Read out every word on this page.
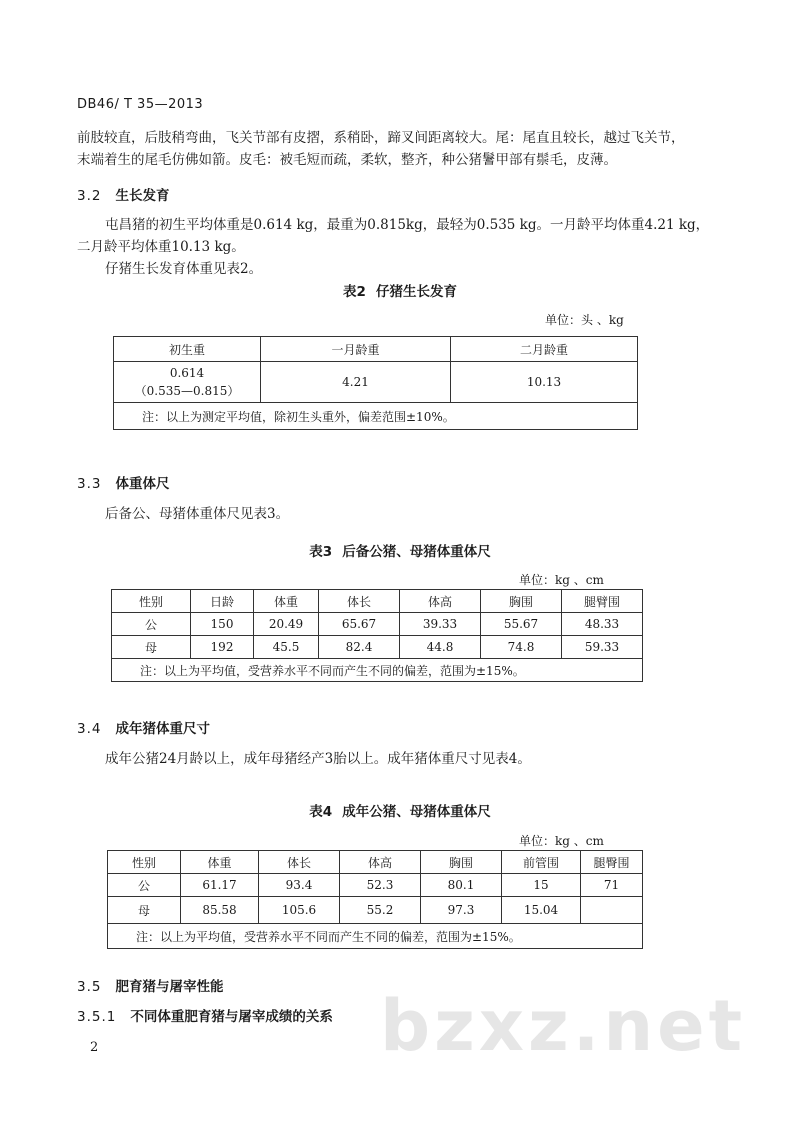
DB46/ T 35—2013
前肢较直，后肢稍弯曲，飞关节部有皮摺，系稍卧，蹄叉间距离较大。尾：尾直且较长，越过飞关节，
末端着生的尾毛仿佛如箭。皮毛：被毛短而疏，柔软，整齐，种公猪鬐甲部有鬃毛，皮薄。
3.2 生长发育
屯昌猪的初生平均体重是0.614 kg，最重为0.815kg，最轻为0.535 kg。一月龄平均体重4.21 kg，
二月龄平均体重10.13 kg。
仔猪生长发育体重见表2。
表2 仔猪生长发育
单位：头 、kg
初生重	一月龄重	二月龄重

0.614
（0.535—0.815）	4.21	10.13
注：以上为测定平均值，除初生头重外，偏差范围±10%。		
3.3 体重体尺
后备公、母猪体重体尺见表3。
表3 后备公猪、母猪体重体尺
单位：kg 、cm
性别	日龄	体重	体长	体高	胸围	腿臂围
公	150	20.49	65.67	39.33	55.67	48.33
母	192	45.5	82.4	44.8	74.8	59.33
注：以上为平均值，受营养水平不同而产生不同的偏差，范围为±15%。						
3.4 成年猪体重尺寸
成年公猪24月龄以上，成年母猪经产3胎以上。成年猪体重尺寸见表4。
表4 成年公猪、母猪体重体尺
单位：kg 、cm
性别	体重	体长	体高	胸围	前管围	腿臀围
公	61.17	93.4	52.3	80.1	15	71
母	85.58	105.6	55.2	97.3	15.04	
注：以上为平均值，受营养水平不同而产生不同的偏差，范围为±15%。						
3.5 肥育猪与屠宰性能
3.5.1 不同体重肥育猪与屠宰成绩的关系
2	bzxz.net
